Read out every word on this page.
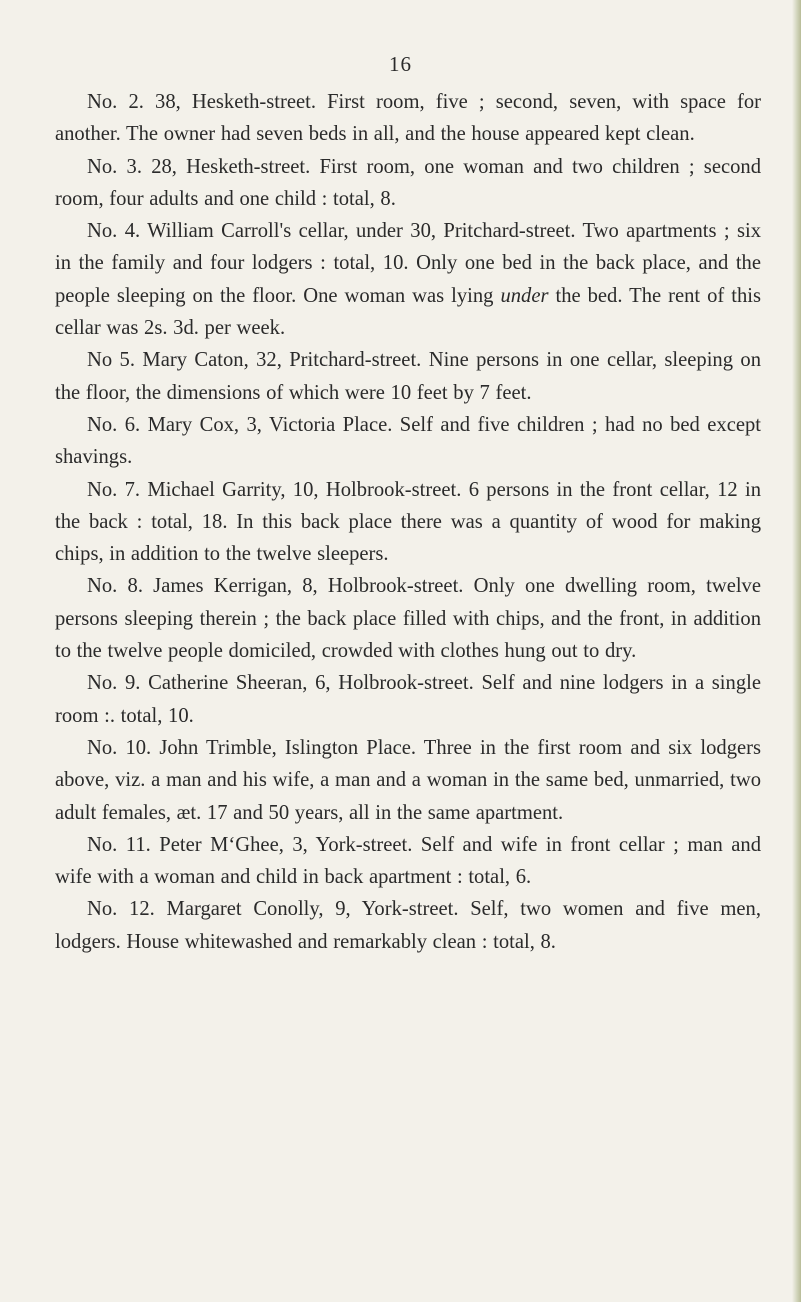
16

No. 2. 38, Hesketh-street. First room, five ; second, seven, with space for another. The owner had seven beds in all, and the house appeared kept clean.

No. 3. 28, Hesketh-street. First room, one woman and two children ; second room, four adults and one child : total, 8.

No. 4. William Carroll's cellar, under 30, Pritchard-street. Two apartments ; six in the family and four lodgers : total, 10. Only one bed in the back place, and the people sleeping on the floor. One woman was lying under the bed. The rent of this cellar was 2s. 3d. per week.

No 5. Mary Caton, 32, Pritchard-street. Nine persons in one cellar, sleeping on the floor, the dimensions of which were 10 feet by 7 feet.

No. 6. Mary Cox, 3, Victoria Place. Self and five children ; had no bed except shavings.

No. 7. Michael Garrity, 10, Holbrook-street. 6 persons in the front cellar, 12 in the back : total, 18. In this back place there was a quantity of wood for making chips, in addition to the twelve sleepers.

No. 8. James Kerrigan, 8, Holbrook-street. Only one dwelling room, twelve persons sleeping therein ; the back place filled with chips, and the front, in addition to the twelve people domiciled, crowded with clothes hung out to dry.

No. 9. Catherine Sheeran, 6, Holbrook-street. Self and nine lodgers in a single room :. total, 10.

No. 10. John Trimble, Islington Place. Three in the first room and six lodgers above, viz. a man and his wife, a man and a woman in the same bed, unmarried, two adult females, æt. 17 and 50 years, all in the same apartment.

No. 11. Peter M‘Ghee, 3, York-street. Self and wife in front cellar ; man and wife with a woman and child in back apartment : total, 6.

No. 12. Margaret Conolly, 9, York-street. Self, two women and five men, lodgers. House whitewashed and remarkably clean : total, 8.
